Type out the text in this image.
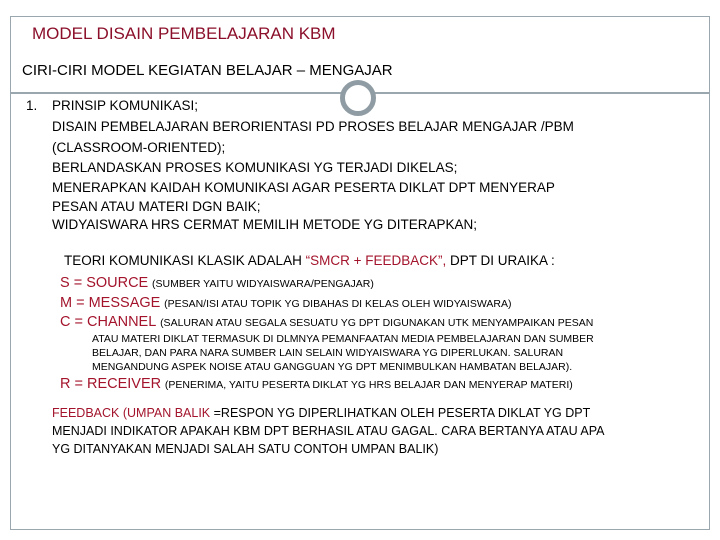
MODEL DISAIN PEMBELAJARAN KBM
CIRI-CIRI MODEL KEGIATAN BELAJAR – MENGAJAR
1. PRINSIP KOMUNIKASI;
DISAIN PEMBELAJARAN BERORIENTASI PD PROSES BELAJAR MENGAJAR /PBM
(CLASSROOM-ORIENTED);
BERLANDASKAN PROSES KOMUNIKASI YG TERJADI DIKELAS;
MENERAPKAN KAIDAH KOMUNIKASI AGAR PESERTA DIKLAT DPT MENYERAP
PESAN ATAU MATERI DGN BAIK;
WIDYAISWARA HRS CERMAT MEMILIH METODE YG DITERAPKAN;
TEORI KOMUNIKASI KLASIK ADALAH “SMCR + FEEDBACK”, DPT DI URAIKA :
S = SOURCE (SUMBER YAITU WIDYAISWARA/PENGAJAR)
M = MESSAGE (PESAN/ISI ATAU TOPIK YG DIBAHAS DI KELAS OLEH WIDYAISWARA)
C = CHANNEL (SALURAN ATAU SEGALA SESUATU YG DPT DIGUNAKAN UTK MENYAMPAIKAN PESAN
ATAU MATERI DIKLAT TERMASUK DI DLMNYA PEMANFAATAN MEDIA PEMBELAJARAN DAN SUMBER
BELAJAR, DAN PARA NARA SUMBER LAIN SELAIN WIDYAISWARA YG DIPERLUKAN. SALURAN
MENGANDUNG ASPEK NOISE ATAU GANGGUAN YG DPT MENIMBULKAN HAMBATAN BELAJAR).
R = RECEIVER (PENERIMA, YAITU PESERTA DIKLAT YG HRS BELAJAR DAN MENYERAP MATERI)
FEEDBACK (UMPAN BALIK =RESPON YG DIPERLIHATKAN OLEH PESERTA DIKLAT YG DPT
MENJADI INDIKATOR APAKAH KBM DPT BERHASIL ATAU GAGAL. CARA BERTANYA ATAU APA
YG DITANYAKAN MENJADI SALAH SATU CONTOH UMPAN BALIK)
